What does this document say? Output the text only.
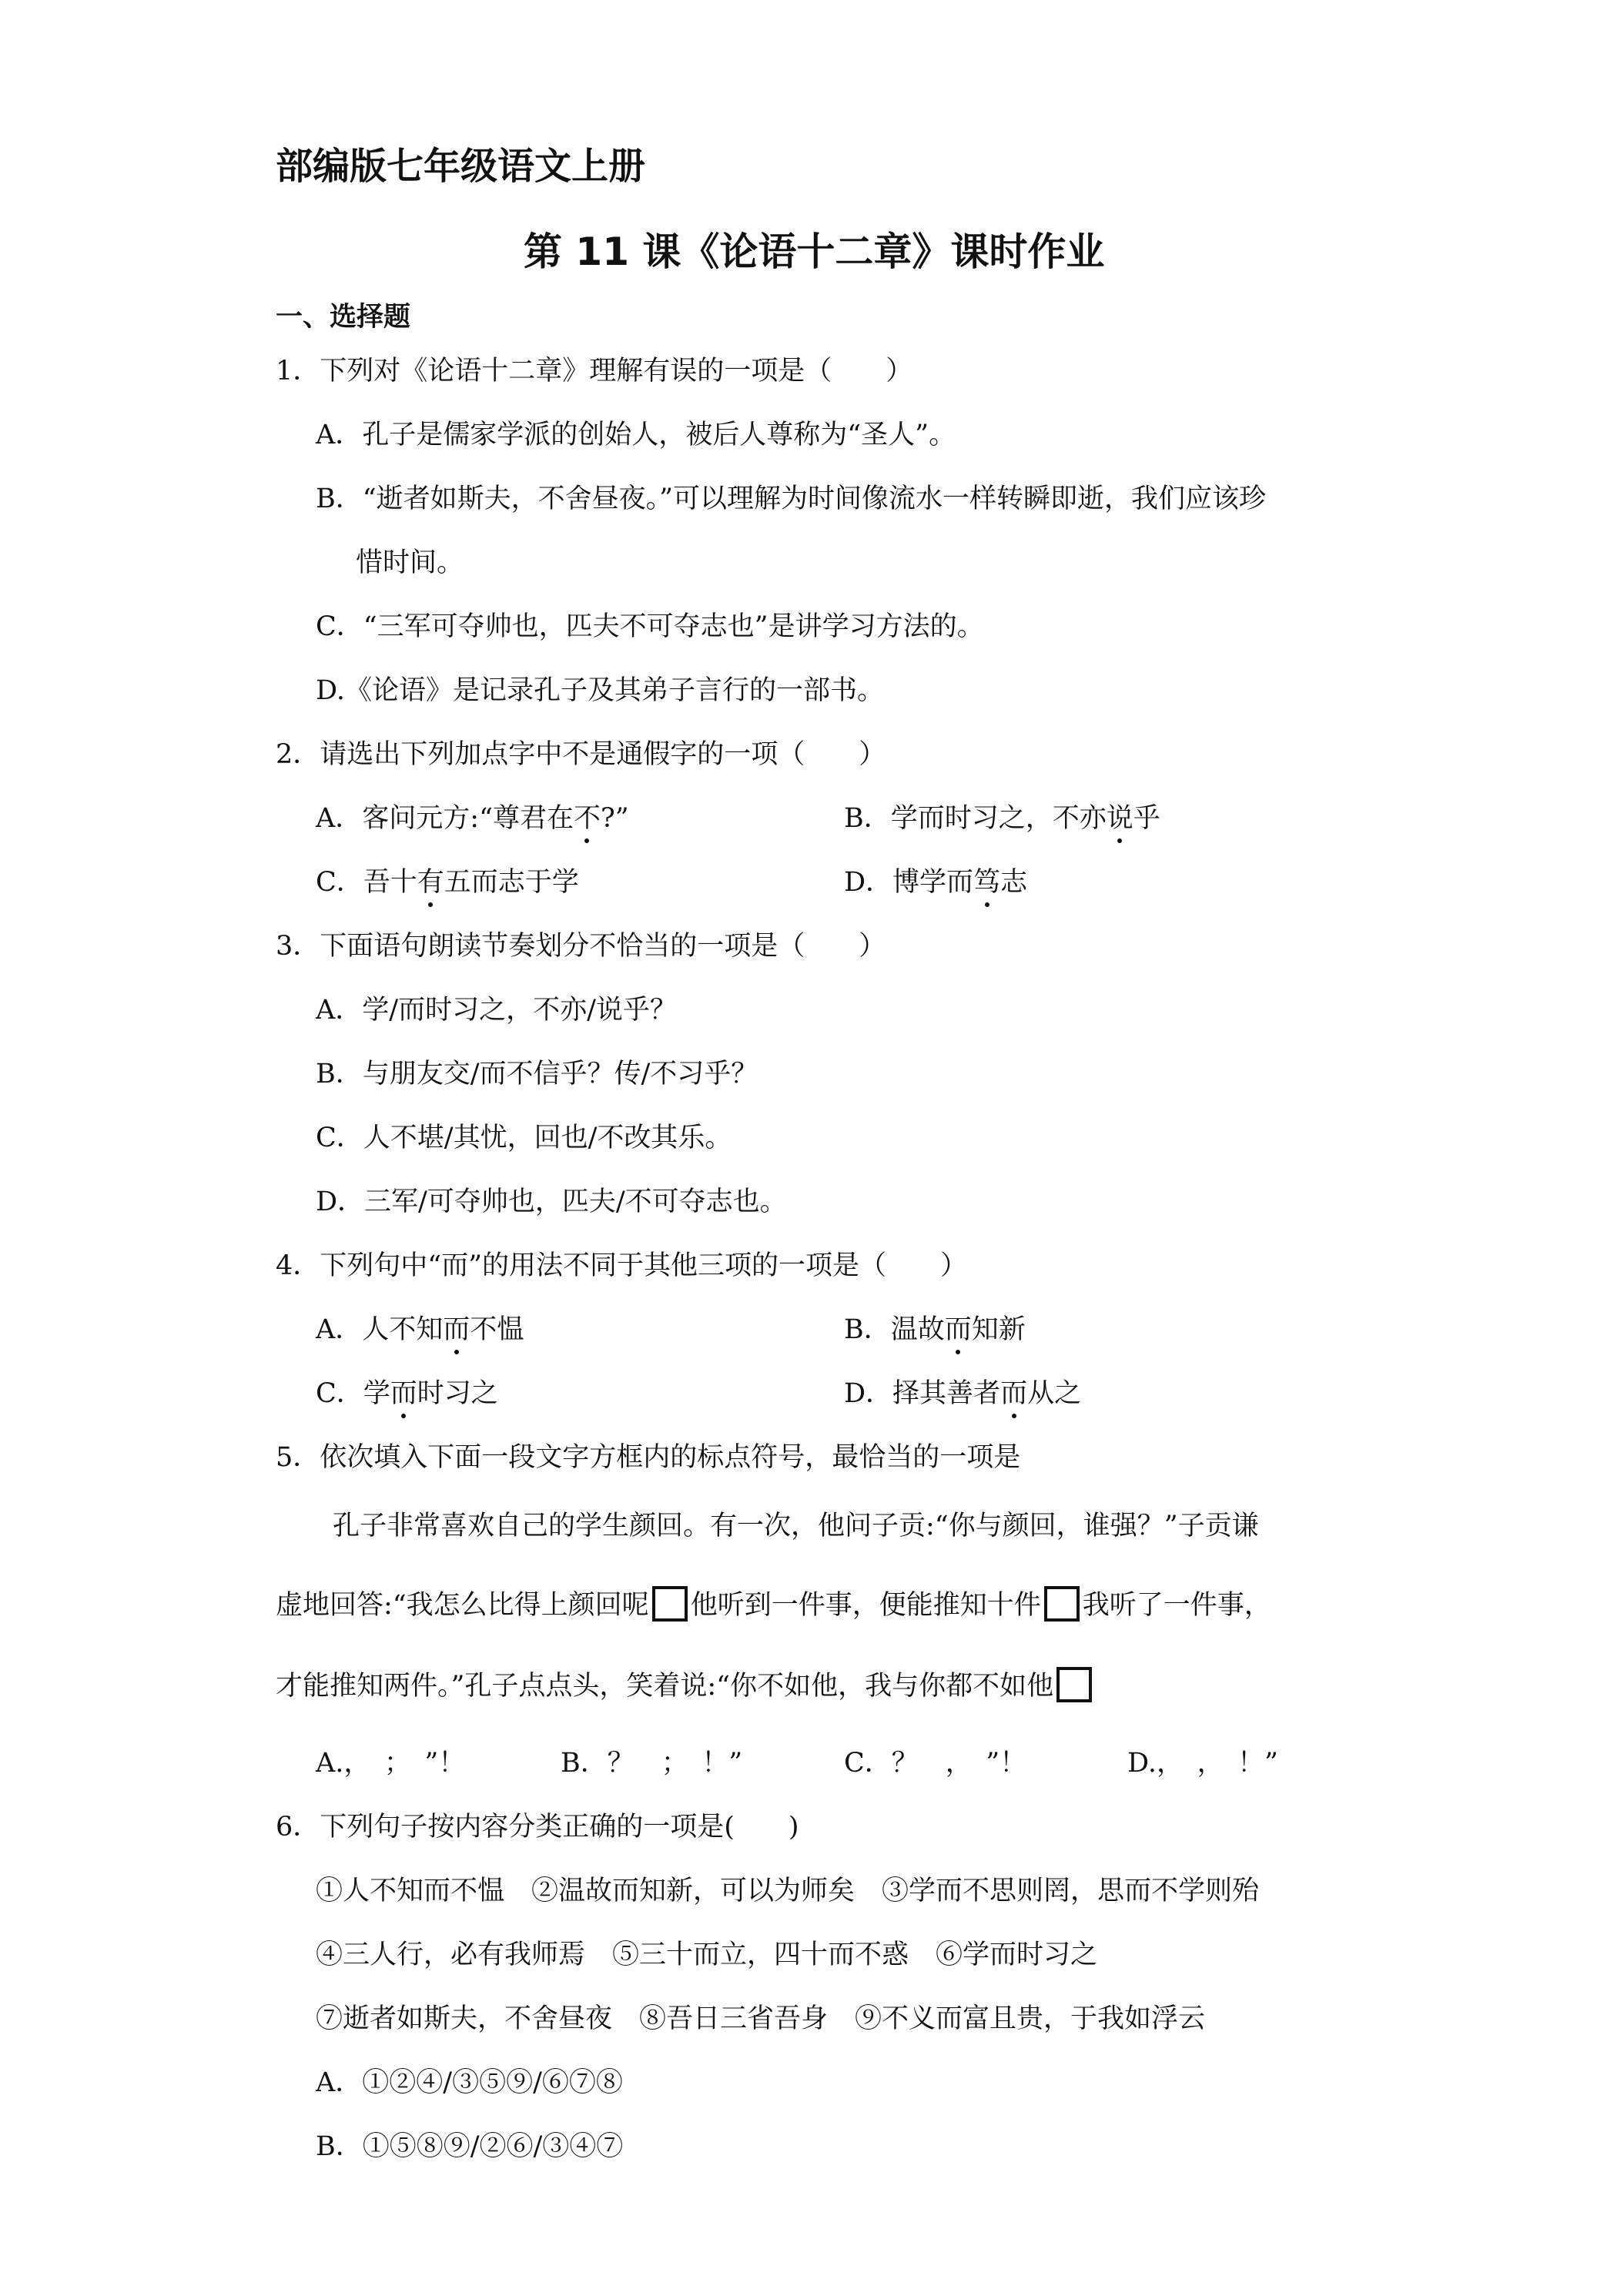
部编版七年级语文上册
第 11 课《论语十二章》课时作业
一、选择题
1．下列对《论语十二章》理解有误的一项是（　　）
A．孔子是儒家学派的创始人，被后人尊称为“圣人”。
B．“逝者如斯夫，不舍昼夜。”可以理解为时间像流水一样转瞬即逝，我们应该珍
惜时间。
C．“三军可夺帅也，匹夫不可夺志也”是讲学习方法的。
D.《论语》是记录孔子及其弟子言行的一部书。
2．请选出下列加点字中不是通假字的一项（　　）
A．客问元方:“尊君在不?”	B．学而时习之，不亦说乎
C．吾十有五而志于学	D．博学而笃志
3．下面语句朗读节奏划分不恰当的一项是（　　）
A．学/而时习之，不亦/说乎？
B．与朋友交/而不信乎？传/不习乎？
C．人不堪/其忧，回也/不改其乐。
D．三军/可夺帅也，匹夫/不可夺志也。
4．下列句中“而”的用法不同于其他三项的一项是（　　）
A．人不知而不愠	B．温故而知新
C．学而时习之	D．择其善者而从之
5．依次填入下面一段文字方框内的标点符号，最恰当的一项是
孔子非常喜欢自己的学生颜回。有一次，他问子贡:“你与颜回，谁强？”子贡谦
虚地回答:“我怎么比得上颜回呢 他听到一件事，便能推知十件 我听了一件事，
才能推知两件。”孔子点点头，笑着说:“你不如他，我与你都不如他
A.，　；　”！	B．？　；　！”	C．？　，　”！	D.，　，　！”
6．下列句子按内容分类正确的一项是(　　)
①人不知而不愠　②温故而知新，可以为师矣　③学而不思则罔，思而不学则殆
④三人行，必有我师焉　⑤三十而立，四十而不惑　⑥学而时习之
⑦逝者如斯夫，不舍昼夜　⑧吾日三省吾身　⑨不义而富且贵，于我如浮云
A．①②④/③⑤⑨/⑥⑦⑧
B．①⑤⑧⑨/②⑥/③④⑦
